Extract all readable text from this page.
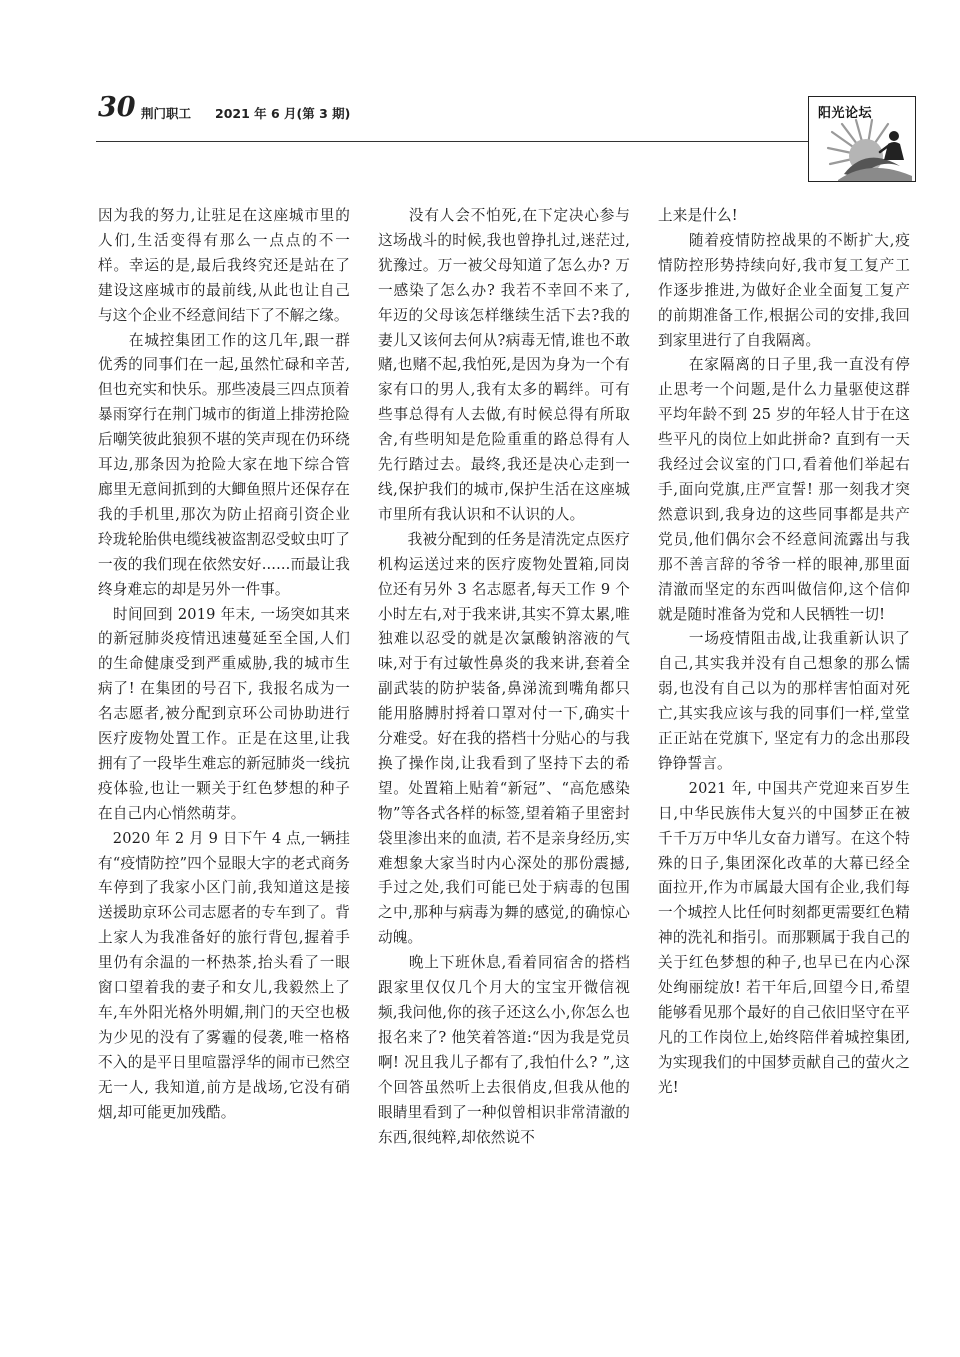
30 荆门职工 2021 年 6 月(第 3 期)	阳光论坛

因为我的努力,让驻足在这座城市里的人们,生活变得有那么一点点的不一样。幸运的是,最后我终究还是站在了建设这座城市的最前线,从此也让自己与这个企业不经意间结下了不解之缘。

　　在城控集团工作的这几年,跟一群优秀的同事们在一起,虽然忙碌和辛苦,但也充实和快乐。那些凌晨三四点顶着暴雨穿行在荆门城市的街道上排涝抢险后嘲笑彼此狼狈不堪的笑声现在仍环绕耳边,那条因为抢险大家在地下综合管廊里无意间抓到的大鲫鱼照片还保存在我的手机里,那次为防止招商引资企业玲珑轮胎供电缆线被盗割忍受蚊虫叮了一夜的我们现在依然安好......而最让我终身难忘的却是另外一件事。

　时间回到 2019 年末, 一场突如其来的新冠肺炎疫情迅速蔓延至全国,人们的生命健康受到严重威胁,我的城市生病了! 在集团的号召下, 我报名成为一名志愿者,被分配到京环公司协助进行医疗废物处置工作。正是在这里,让我拥有了一段毕生难忘的新冠肺炎一线抗疫体验,也让一颗关于红色梦想的种子在自己内心悄然萌芽。

　2020 年 2 月 9 日下午 4 点,一辆挂有“疫情防控”四个显眼大字的老式商务车停到了我家小区门前,我知道这是接送援助京环公司志愿者的专车到了。背上家人为我准备好的旅行背包,握着手里仍有余温的一杯热茶,抬头看了一眼窗口望着我的妻子和女儿,我毅然上了车,车外阳光格外明媚,荆门的天空也极为少见的没有了雾霾的侵袭,唯一格格不入的是平日里喧嚣浮华的闹市已然空无一人, 我知道,前方是战场,它没有硝烟,却可能更加残酷。

　　没有人会不怕死,在下定决心参与这场战斗的时候,我也曾挣扎过,迷茫过,犹豫过。万一被父母知道了怎么办? 万一感染了怎么办? 我若不幸回不来了,年迈的父母该怎样继续生活下去?我的妻儿又该何去何从?病毒无情,谁也不敢赌,也赌不起,我怕死,是因为身为一个有家有口的男人,我有太多的羁绊。可有些事总得有人去做,有时候总得有所取舍,有些明知是危险重重的路总得有人先行踏过去。最终,我还是决心走到一线,保护我们的城市,保护生活在这座城市里所有我认识和不认识的人。

　　我被分配到的任务是清洗定点医疗机构运送过来的医疗废物处置箱,同岗位还有另外 3 名志愿者,每天工作 9 个小时左右,对于我来讲,其实不算太累,唯独难以忍受的就是次氯酸钠溶液的气味,对于有过敏性鼻炎的我来讲,套着全副武装的防护装备,鼻涕流到嘴角都只能用胳膊肘捋着口罩对付一下,确实十分难受。好在我的搭档十分贴心的与我换了操作岗,让我看到了坚持下去的希望。处置箱上贴着“新冠”、“高危感染物”等各式各样的标签,望着箱子里密封袋里渗出来的血渍, 若不是亲身经历,实难想象大家当时内心深处的那份震撼,手过之处,我们可能已处于病毒的包围之中,那种与病毒为舞的感觉,的确惊心动魄。

　　晚上下班休息,看着同宿舍的搭档跟家里仅仅几个月大的宝宝开微信视频,我问他,你的孩子还这么小,你怎么也报名来了? 他笑着答道:“因为我是党员啊! 况且我儿子都有了,我怕什么? ”,这个回答虽然听上去很俏皮,但我从他的眼睛里看到了一种似曾相识非常清澈的东西,很纯粹,却依然说不

上来是什么!

　　随着疫情防控战果的不断扩大,疫情防控形势持续向好,我市复工复产工作逐步推进,为做好企业全面复工复产的前期准备工作,根据公司的安排,我回到家里进行了自我隔离。

　　在家隔离的日子里,我一直没有停止思考一个问题,是什么力量驱使这群平均年龄不到 25 岁的年轻人甘于在这些平凡的岗位上如此拼命? 直到有一天我经过会议室的门口,看着他们举起右手,面向党旗,庄严宣誓! 那一刻我才突然意识到,我身边的这些同事都是共产党员,他们偶尔会不经意间流露出与我那不善言辞的爷爷一样的眼神,那里面清澈而坚定的东西叫做信仰,这个信仰就是随时准备为党和人民牺牲一切!

　　一场疫情阻击战,让我重新认识了自己,其实我并没有自己想象的那么懦弱,也没有自己以为的那样害怕面对死亡,其实我应该与我的同事们一样,堂堂正正站在党旗下, 坚定有力的念出那段铮铮誓言。

　　2021 年, 中国共产党迎来百岁生日,中华民族伟大复兴的中国梦正在被千千万万中华儿女奋力谱写。在这个特殊的日子,集团深化改革的大幕已经全面拉开,作为市属最大国有企业,我们每一个城控人比任何时刻都更需要红色精神的洗礼和指引。而那颗属于我自己的关于红色梦想的种子,也早已在内心深处绚丽绽放! 若干年后,回望今日,希望能够看见那个最好的自己依旧坚守在平凡的工作岗位上,始终陪伴着城控集团,为实现我们的中国梦贡献自己的萤火之光!
